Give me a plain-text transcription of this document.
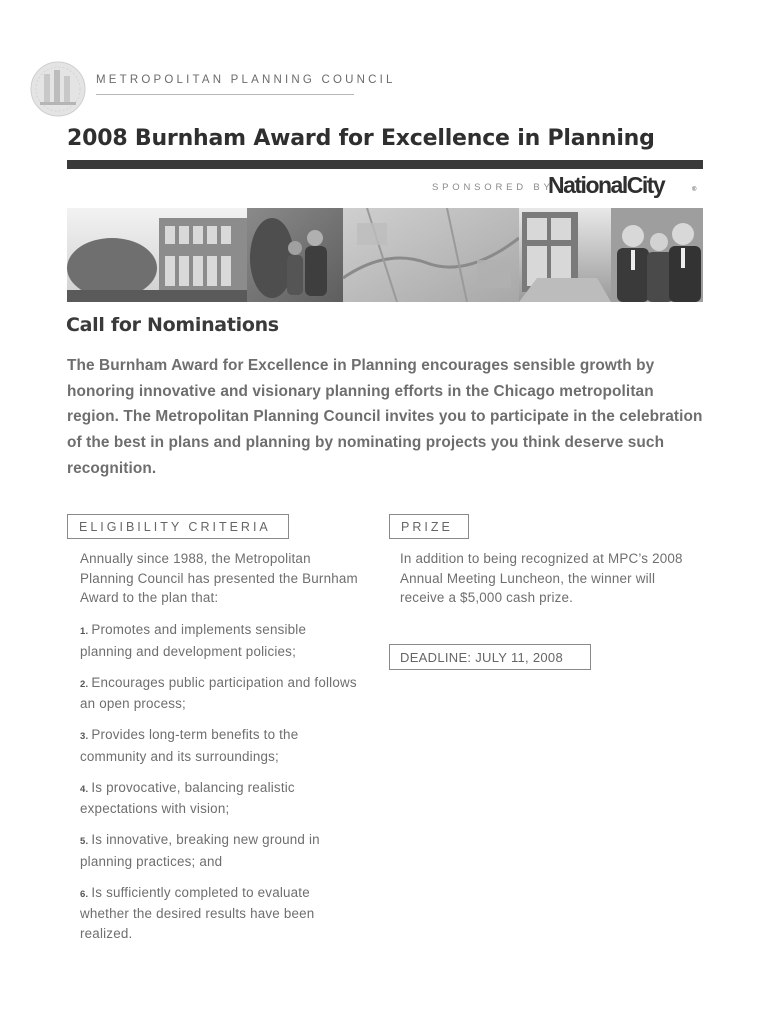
METROPOLITAN PLANNING COUNCIL
2008 Burnham Award for Excellence in Planning
SPONSORED BY
NationalCity	®
Call for Nominations

The Burnham Award for Excellence in Planning encourages sensible growth by honoring innovative and visionary planning efforts in the Chicago metropolitan region. The Metropolitan Planning Council invites you to participate in the celebration of the best in plans and planning by nominating projects you think deserve such recognition.

ELIGIBILITY CRITERIA

Annually since 1988, the Metropolitan Planning Council has presented the Burnham Award to the plan that:

1. Promotes and implements sensible planning and development policies;
2. Encourages public participation and follows an open process;
3. Provides long-term benefits to the community and its surroundings;
4. Is provocative, balancing realistic expectations with vision;
5. Is innovative, breaking new ground in planning practices; and
6. Is sufficiently completed to evaluate whether the desired results have been realized.
PRIZE

In addition to being recognized at MPC’s 2008 Annual Meeting Luncheon, the winner will receive a $5,000 cash prize.

DEADLINE: JULY 11, 2008
